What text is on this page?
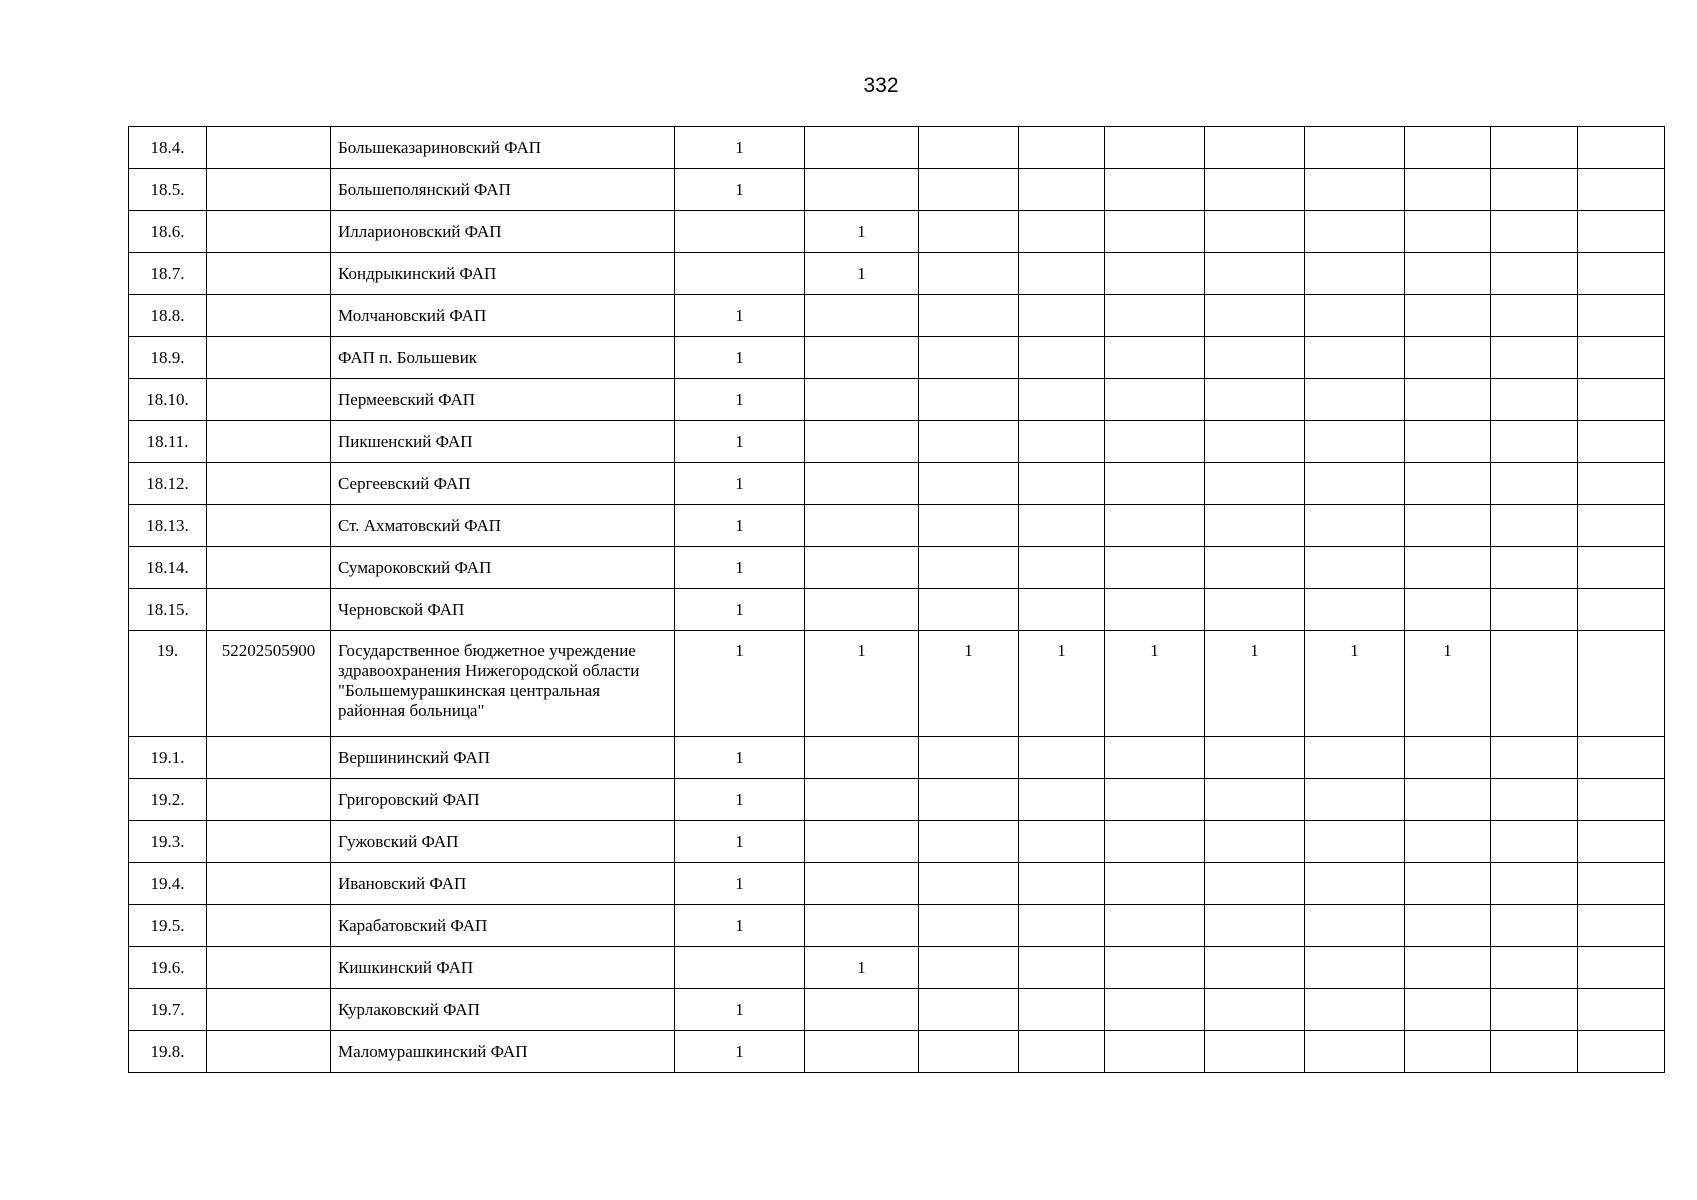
332
18.4.		Большеказариновский ФАП	1									
18.5.		Большеполянский ФАП	1									
18.6.		Илларионовский ФАП		1								
18.7.		Кондрыкинский ФАП		1								
18.8.		Молчановский ФАП	1									
18.9.		ФАП п. Большевик	1									
18.10.		Пермеевский ФАП	1									
18.11.		Пикшенский ФАП	1									
18.12.		Сергеевский ФАП	1									
18.13.		Ст. Ахматовский ФАП	1									
18.14.		Сумароковский ФАП	1									
18.15.		Черновской ФАП	1									
19.	52202505900	Государственное бюджетное учреждение здравоохранения Нижегородской области "Большемурашкинская центральная районная больница"	1	1	1	1	1	1	1	1		
19.1.		Вершининский ФАП	1									
19.2.		Григоровский ФАП	1									
19.3.		Гужовский ФАП	1									
19.4.		Ивановский ФАП	1									
19.5.		Карабатовский ФАП	1									
19.6.		Кишкинский ФАП		1								
19.7.		Курлаковский ФАП	1									
19.8.		Маломурашкинский ФАП	1									
